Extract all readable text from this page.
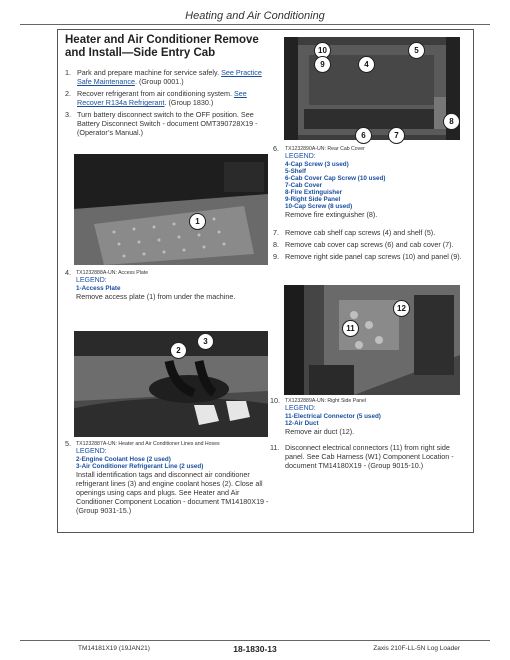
Heating and Air Conditioning
Heater and Air Conditioner Remove and Install—Side Entry Cab
1. Park and prepare machine for service safely. See Practice Safe Maintenance. (Group 0001.)
2. Recover refrigerant from air conditioning system. See Recover R134a Refrigerant. (Group 1830.)
3. Turn battery disconnect switch to the OFF position. See Battery Disconnect Switch - document OMT390728X19 - (Operator’s Manual.)
1
4. TX1232888A-UN: Access Plate
LEGEND:
1-Access Plate
Remove access plate (1) from under the machine.
2
3
5. TX1232887A-UN: Heater and Air Conditioner Lines and Hoses
LEGEND:
2-Engine Coolant Hose (2 used)
3-Air Conditioner Refrigerant Line (2 used)
Install identification tags and disconnect air conditioner refrigerant lines (3) and engine coolant hoses (2). Close all openings using caps and plugs. See Heater and Air Conditioner Component Location - document TM14180X19 - (Group 9031-15.)
10	5
9	4
8
6	7
6. TX1232890A-UN: Rear Cab Cover
LEGEND:
4-Cap Screw (3 used)
5-Shelf
6-Cab Cover Cap Screw (10 used)
7-Cab Cover
8-Fire Extinguisher
9-Right Side Panel
10-Cap Screw (8 used)
Remove fire extinguisher (8).
7. Remove cab shelf cap screws (4) and shelf (5).
8. Remove cab cover cap screws (6) and cab cover (7).
9. Remove right side panel cap screws (10) and panel (9).
12
11
10. TX1232889A-UN: Right Side Panel
LEGEND:
11-Electrical Connector (5 used)
12-Air Duct
Remove air duct (12).
11. Disconnect electrical connectors (11) from right side panel. See Cab Harness (W1) Component Location - document TM14180X19 - (Group 9015-10.)
TM14181X19 (19JAN21)	18-1830-13	Zaxis 210F-LL-5N Log Loader
